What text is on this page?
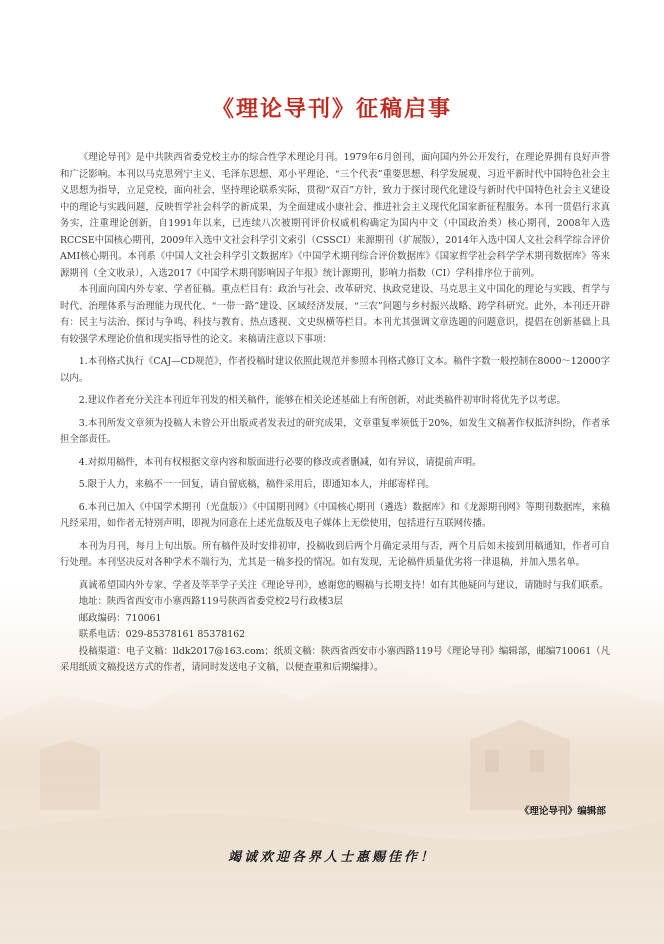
《理论导刊》征稿启事

《理论导刊》是中共陕西省委党校主办的综合性学术理论月刊。1979年6月创刊，面向国内外公开发行，在理论界拥有良好声誉和广泛影响。本刊以马克思列宁主义、毛泽东思想、邓小平理论、“三个代表”重要思想、科学发展观、习近平新时代中国特色社会主义思想为指导，立足党校，面向社会，坚持理论联系实际，贯彻“双百”方针，致力于探讨现代化建设与新时代中国特色社会主义建设中的理论与实践问题，反映哲学社会科学的新成果，为全面建成小康社会、推进社会主义现代化国家新征程服务。本刊一贯倡行求真务实，注重理论创新，自1991年以来，已连续八次被期刊评价权威机构确定为国内中文（中国政治类）核心期刊，2008年入选RCCSE中国核心期刊，2009年入选中文社会科学引文索引（CSSCI）来源期刊（扩展版），2014年入选中国人文社会科学综合评价AMI核心期刊。本刊系《中国人文社会科学引文数据库》《中国学术期刊综合评价数据库》《国家哲学社会科学学术期刊数据库》等来源期刊（全文收录），入选2017《中国学术期刊影响因子年报》统计源期刊，影响力指数（CI）学科排序位于前列。

本刊面向国内外专家、学者征稿。重点栏目有：政治与社会、改革研究、执政党建设、马克思主义中国化的理论与实践、哲学与时代、治理体系与治理能力现代化、“一带一路”建设、区域经济发展、“三农”问题与乡村振兴战略、跨学科研究。此外，本刊还开辟有：民主与法治、探讨与争鸣、科技与教育、热点透视、文史纵横等栏目。本刊尤其强调文章选题的问题意识，提倡在创新基础上具有较强学术理论价值和现实指导性的论文。来稿请注意以下事项：

1.本刊格式执行《CAJ—CD规范》，作者投稿时建议依照此规范并参照本刊格式修订文本。稿件字数一般控制在8000～12000字以内。

2.建议作者充分关注本刊近年刊发的相关稿件，能够在相关论述基础上有所创新，对此类稿件初审时将优先予以考虑。

3.本刊所发文章须为投稿人未曾公开出版或者发表过的研究成果，文章重复率须低于20%，如发生文稿著作权抵济纠纷，作者承担全部责任。

4.对拟用稿件，本刊有权根据文章内容和版面进行必要的修改或者删减，如有异议，请提前声明。

5.限于人力，来稿不一一回复，请自留底稿，稿件采用后，即通知本人，并邮寄样刊。

6.本刊已加入《中国学术期刊（光盘版）》《中国期刊网》《中国核心期刊（遴选）数据库》和《龙源期刊网》等期刊数据库，来稿凡经采用，如作者无特别声明，即视为同意在上述光盘版及电子媒体上无偿使用，包括进行互联网传播。

本刊为月刊，每月上旬出版。所有稿件及时安排初审，投稿收到后两个月确定录用与否，两个月后如未接到用稿通知，作者可自行处理。本刊坚决反对各种学术不端行为，尤其是一稿多投的情况。如有发现，无论稿件质量优劣将一律退稿，并加入黑名单。

真诚希望国内外专家、学者及莘莘学子关注《理论导刊》，感谢您的赐稿与长期支持！如有其他疑问与建议，请随时与我们联系。

地址：陕西省西安市小寨西路119号陕西省委党校2号行政楼3层

邮政编码：710061

联系电话：029-85378161 85378162

投稿渠道：电子文稿：lldk2017@163.com；纸质文稿：陕西省西安市小寨西路119号《理论导刊》编辑部，邮编710061（凡采用纸质文稿投送方式的作者，请同时发送电子文稿，以便查重和后期编排）。

《理论导刊》编辑部
竭诚欢迎各界人士惠赐佳作！
